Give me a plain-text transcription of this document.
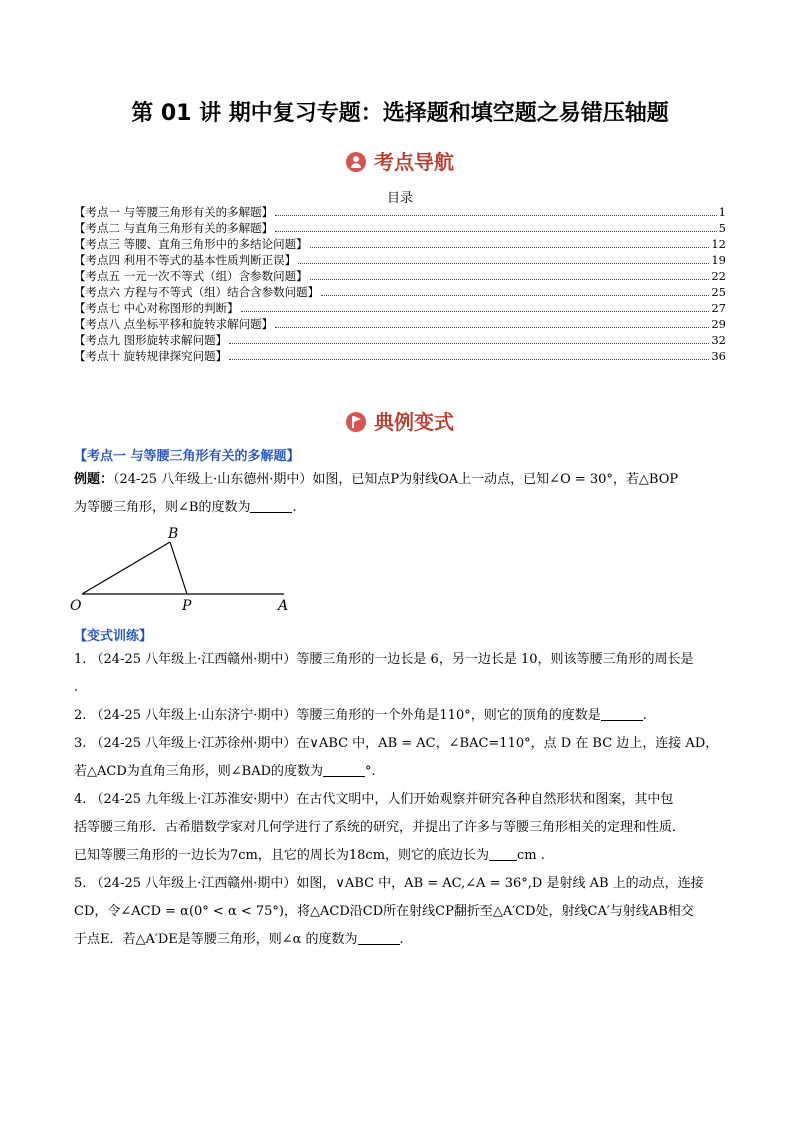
第 01 讲 期中复习专题：选择题和填空题之易错压轴题
考点导航
目录
【考点一 与等腰三角形有关的多解题】	1
【考点二 与直角三角形有关的多解题】	5
【考点三 等腰、直角三角形中的多结论问题】	12
【考点四 利用不等式的基本性质判断正误】	19
【考点五 一元一次不等式（组）含参数问题】	22
【考点六 方程与不等式（组）结合含参数问题】	25
【考点七 中心对称图形的判断】	27
【考点八 点坐标平移和旋转求解问题】	29
【考点九 图形旋转求解问题】	32
【考点十 旋转规律探究问题】	36
典例变式
【考点一 与等腰三角形有关的多解题】
例题：（24-25 八年级上·山东德州·期中）如图，已知点P为射线OA上一动点，已知∠O = 30°，若△BOP
为等腰三角形，则∠B的度数为	.
B
O	P	A
【变式训练】
1. （24-25 八年级上·江西赣州·期中）等腰三角形的一边长是 6，另一边长是 10，则该等腰三角形的周长是
.
2. （24-25 八年级上·山东济宁·期中）等腰三角形的一个外角是110°，则它的顶角的度数是	.
3. （24-25 八年级上·江苏徐州·期中）在∨ABC 中，AB = AC，∠BAC=110°，点 D 在 BC 边上，连接 AD，
若△ACD为直角三角形，则∠BAD的度数为	°.
4. （24-25 九年级上·江苏淮安·期中）在古代文明中，人们开始观察并研究各种自然形状和图案，其中包
括等腰三角形．古希腊数学家对几何学进行了系统的研究，并提出了许多与等腰三角形相关的定理和性质．
已知等腰三角形的一边长为7cm，且它的周长为18cm，则它的底边长为 cm .
5. （24-25 八年级上·江西赣州·期中）如图，∨ABC 中，AB = AC,∠A = 36°,D 是射线 AB 上的动点，连接
CD，令∠ACD = α(0° < α < 75°)，将△ACD沿CD所在射线CP翻折至△A′CD处，射线CA′与射线AB相交
于点E．若△A′DE是等腰三角形，则∠α 的度数为	.
